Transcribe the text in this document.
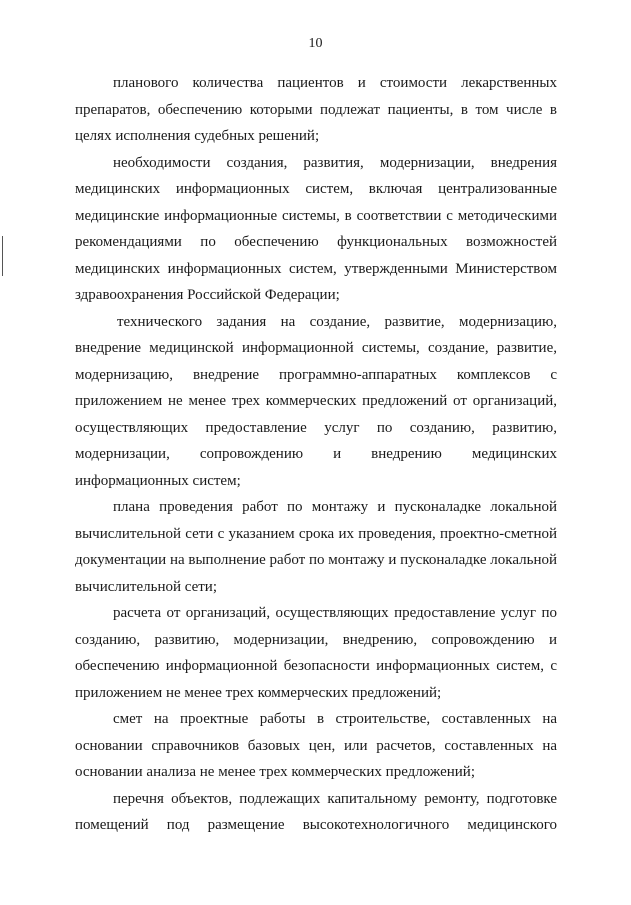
10
планового количества пациентов и стоимости лекарственных
препаратов, обеспечению которыми подлежат пациенты, в том числе в
целях исполнения судебных решений;
необходимости создания, развития, модернизации, внедрения
медицинских информационных систем, включая централизованные
медицинские информационные системы, в соответствии с методическими
рекомендациями по обеспечению функциональных возможностей
медицинских информационных систем, утвержденными Министерством
здравоохранения Российской Федерации;
технического задания на создание, развитие, модернизацию,
внедрение медицинской информационной системы, создание, развитие,
модернизацию, внедрение программно-аппаратных комплексов с
приложением не менее трех коммерческих предложений от организаций,
осуществляющих предоставление услуг по созданию, развитию,
модернизации, сопровождению и внедрению медицинских
информационных систем;
плана проведения работ по монтажу и пусконаладке локальной
вычислительной сети с указанием срока их проведения, проектно-сметной
документации на выполнение работ по монтажу и пусконаладке локальной
вычислительной сети;
расчета от организаций, осуществляющих предоставление услуг по
созданию, развитию, модернизации, внедрению, сопровождению и
обеспечению информационной безопасности информационных систем, с
приложением не менее трех коммерческих предложений;
смет на проектные работы в строительстве, составленных на
основании справочников базовых цен, или расчетов, составленных на
основании анализа не менее трех коммерческих предложений;
перечня объектов, подлежащих капитальному ремонту, подготовке
помещений под размещение высокотехнологичного медицинского
